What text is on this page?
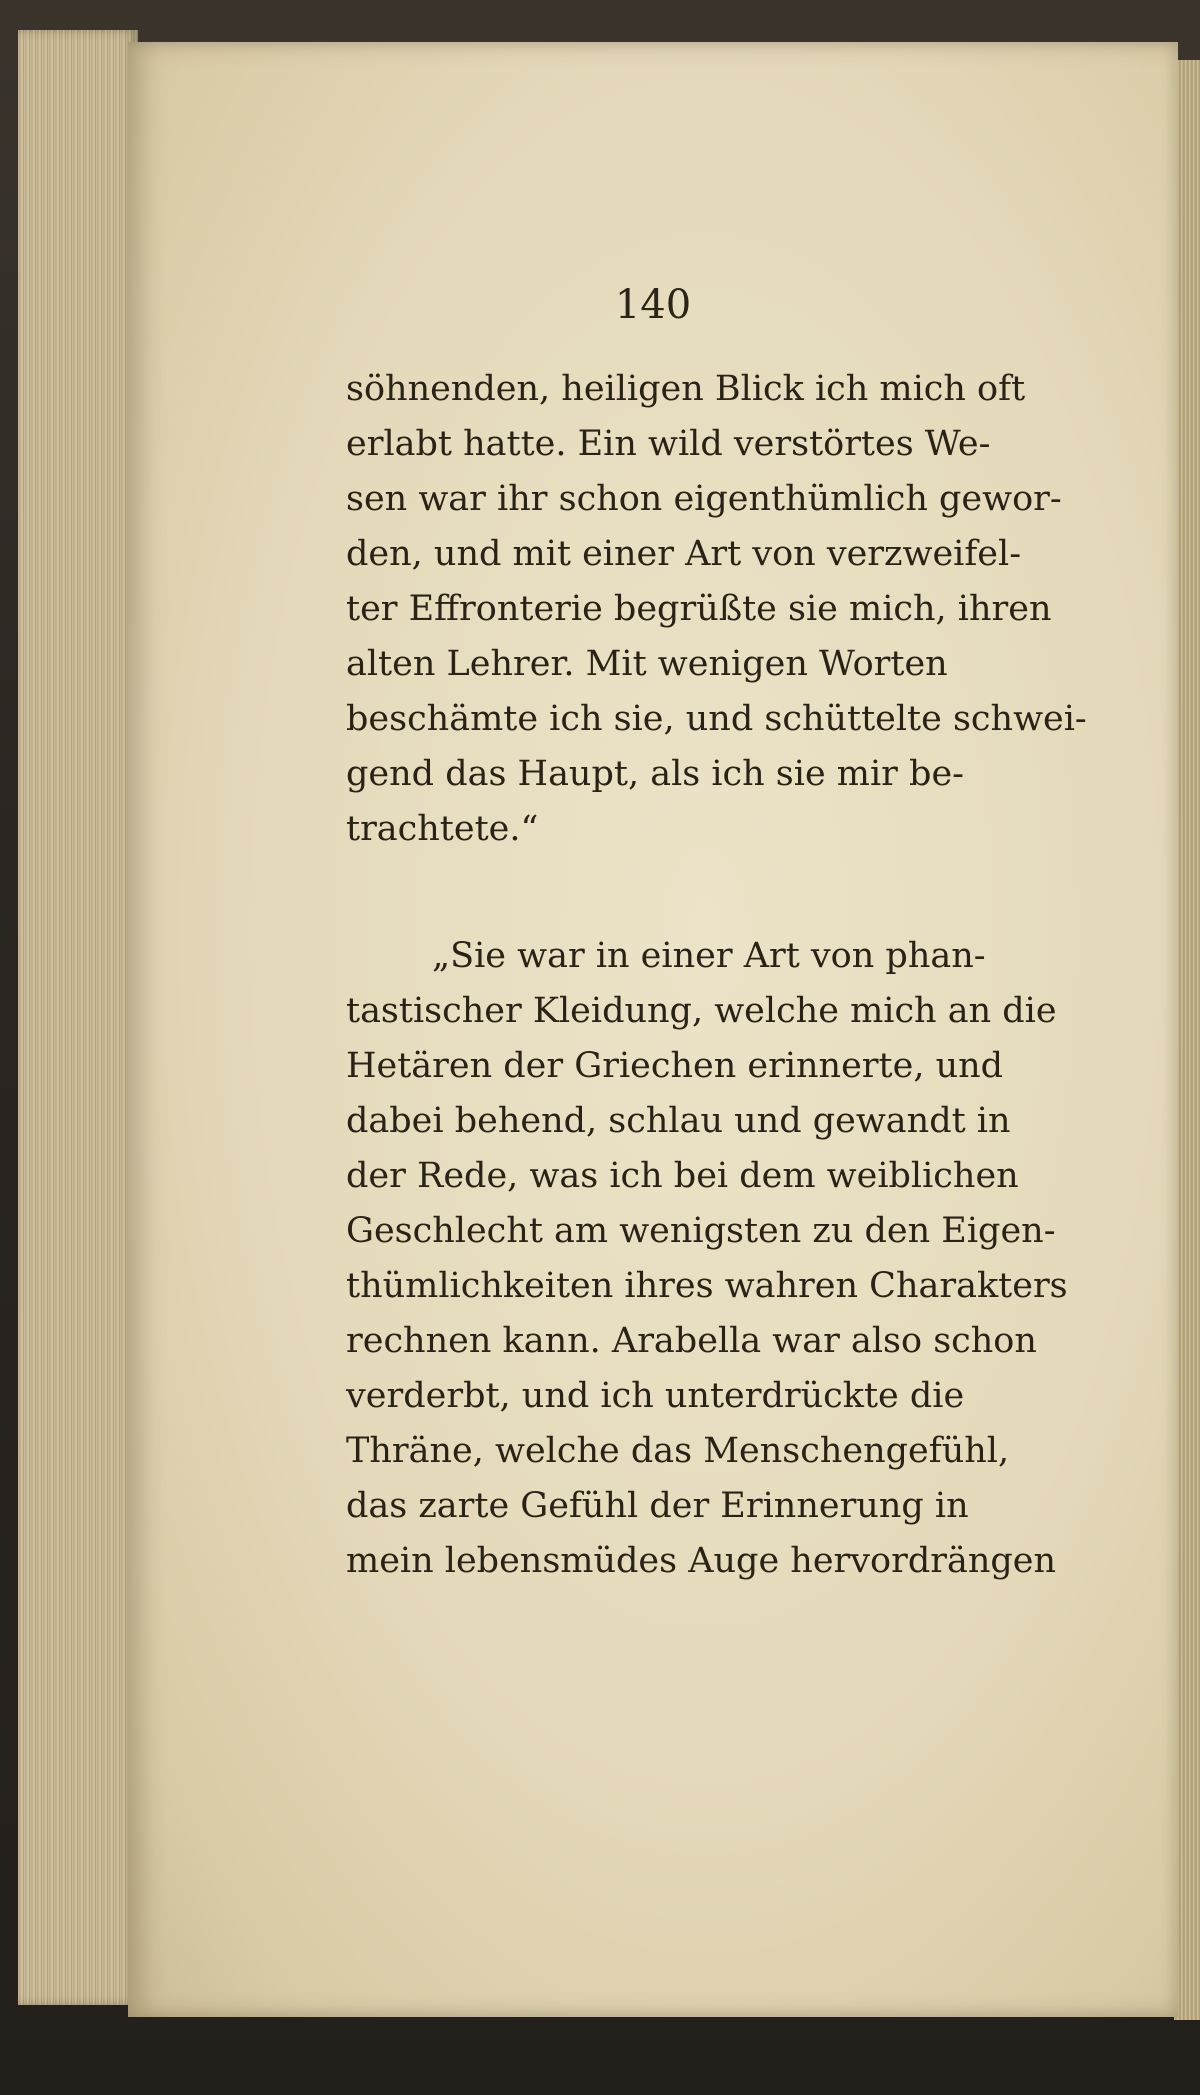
140
söhnenden, heiligen Blick ich mich oft
erlabt hatte. Ein wild verstörtes We-
sen war ihr schon eigenthümlich gewor-
den, und mit einer Art von verzweifel-
ter Effronterie begrüßte sie mich, ihren
alten Lehrer. Mit wenigen Worten
beschämte ich sie, und schüttelte schwei-
gend das Haupt, als ich sie mir be-
trachtete.“
„Sie war in einer Art von phan-
tastischer Kleidung, welche mich an die
Hetären der Griechen erinnerte, und
dabei behend, schlau und gewandt in
der Rede, was ich bei dem weiblichen
Geschlecht am wenigsten zu den Eigen-
thümlichkeiten ihres wahren Charakters
rechnen kann. Arabella war also schon
verderbt, und ich unterdrückte die
Thräne, welche das Menschengefühl,
das zarte Gefühl der Erinnerung in
mein lebensmüdes Auge hervordrängen
